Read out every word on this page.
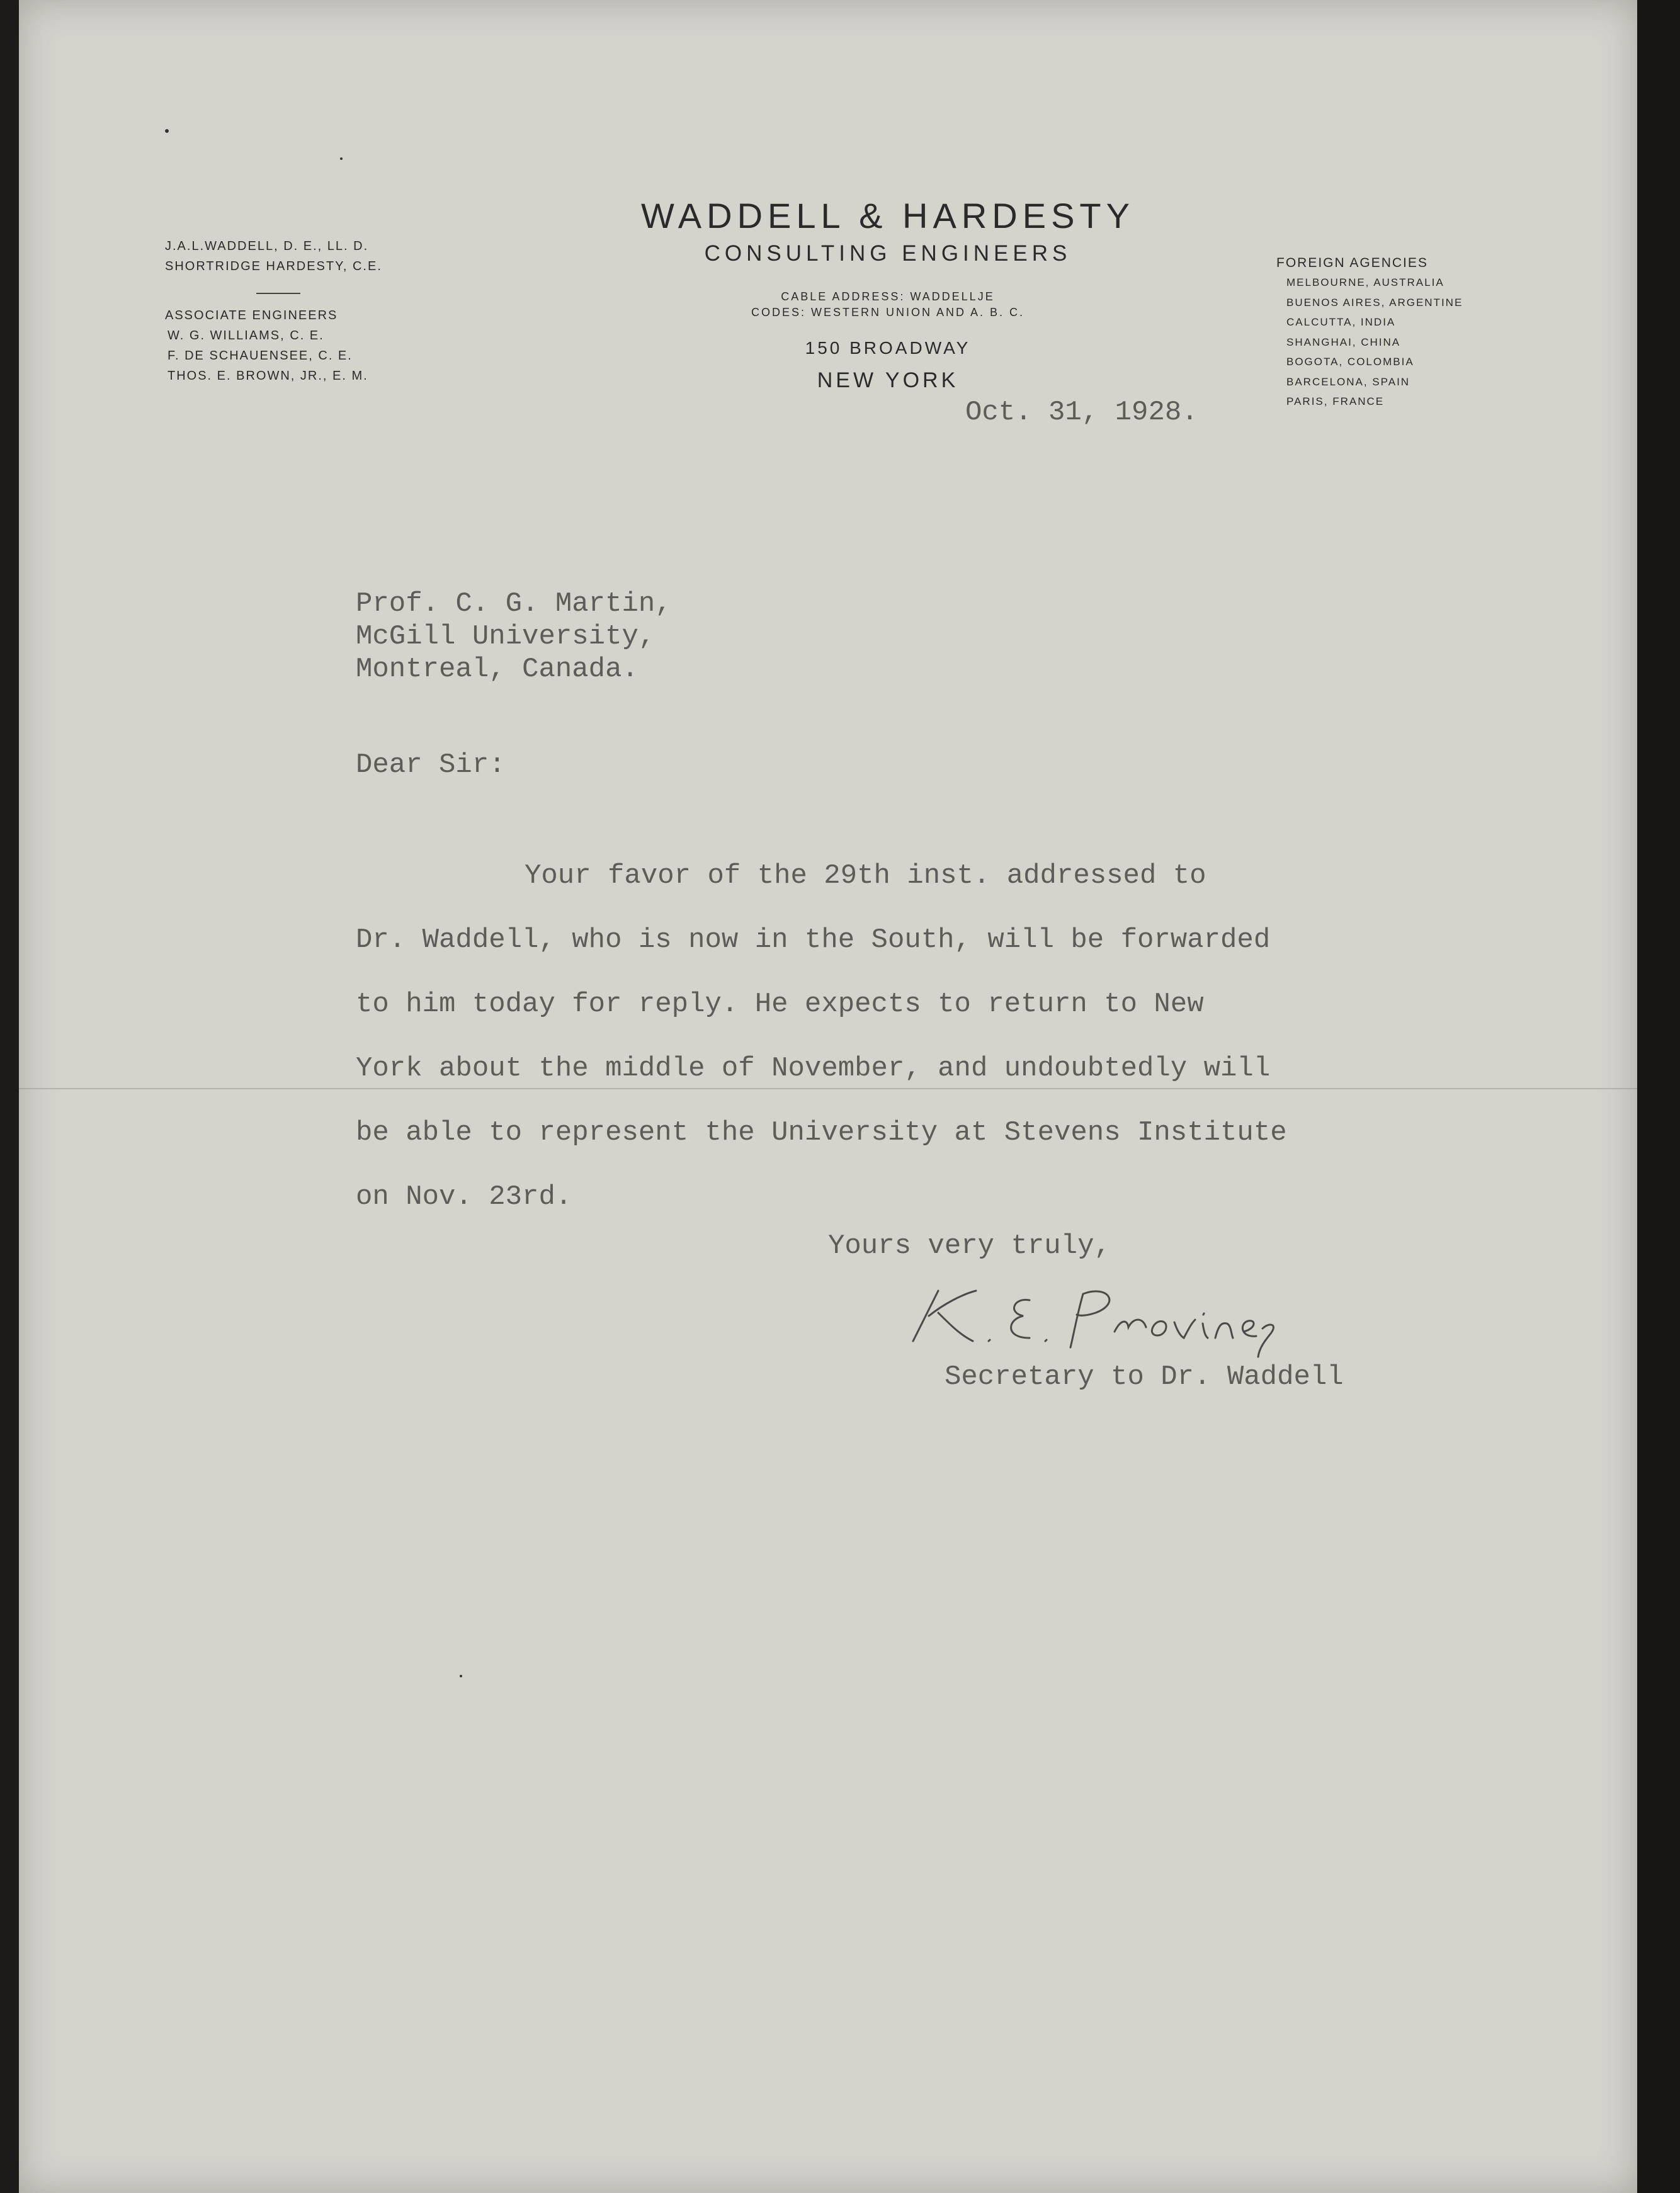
WADDELL & HARDESTY
CONSULTING ENGINEERS
CABLE ADDRESS: WADDELLJE
CODES: WESTERN UNION AND A. B. C.
150 BROADWAY
NEW YORK
J.A.L.WADDELL, D. E., LL. D.
SHORTRIDGE HARDESTY, C.E.
ASSOCIATE ENGINEERS
W. G. WILLIAMS, C. E.
F. DE SCHAUENSEE, C. E.
THOS. E. BROWN, JR., E. M.
FOREIGN AGENCIES
MELBOURNE, AUSTRALIA
BUENOS AIRES, ARGENTINE
CALCUTTA, INDIA
SHANGHAI, CHINA
BOGOTA, COLOMBIA
BARCELONA, SPAIN
PARIS, FRANCE
Oct. 31, 1928.
Prof. C. G. Martin,
McGill University,
Montreal, Canada.
Dear Sir:
Your favor of the 29th inst. addressed to
Dr. Waddell, who is now in the South, will be forwarded
to him today for reply. He expects to return to New
York about the middle of November, and undoubtedly will
be able to represent the University at Stevens Institute
on Nov. 23rd.
Yours very truly,
Secretary to Dr. Waddell
